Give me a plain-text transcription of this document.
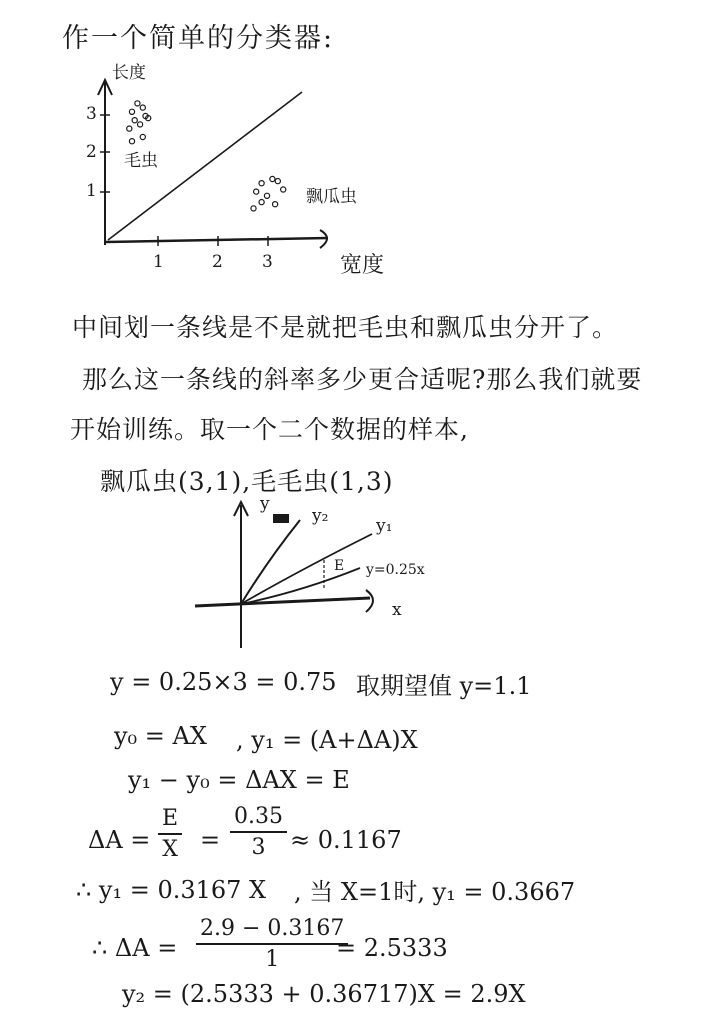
作一个简单的分类器:
长度
3
2
1
1	2 3	宽度
毛虫
飘瓜虫
中间划一条线是不是就把毛虫和飘瓜虫分开了。
那么这一条线的斜率多少更合适呢?那么我们就要
开始训练。取一个二个数据的样本,
飘瓜虫(3,1),毛毛虫(1,3)
y
y₂	y₁
y=0.25x
E
x
y = 0.25×3 = 0.75 取期望值 y=1.1
y₀ = AX , y₁ = (A+ΔA)X
y₁ − y₀ = ΔAX = E
ΔA =
E
X =
0.35
3	≈ 0.1167
∴ y₁ = 0.3167 X , 当 X=1时, y₁ = 0.3667
∴ ΔA =
2.9 − 0.3167
1	= 2.5333
y₂ = (2.5333 + 0.36717)X = 2.9X
